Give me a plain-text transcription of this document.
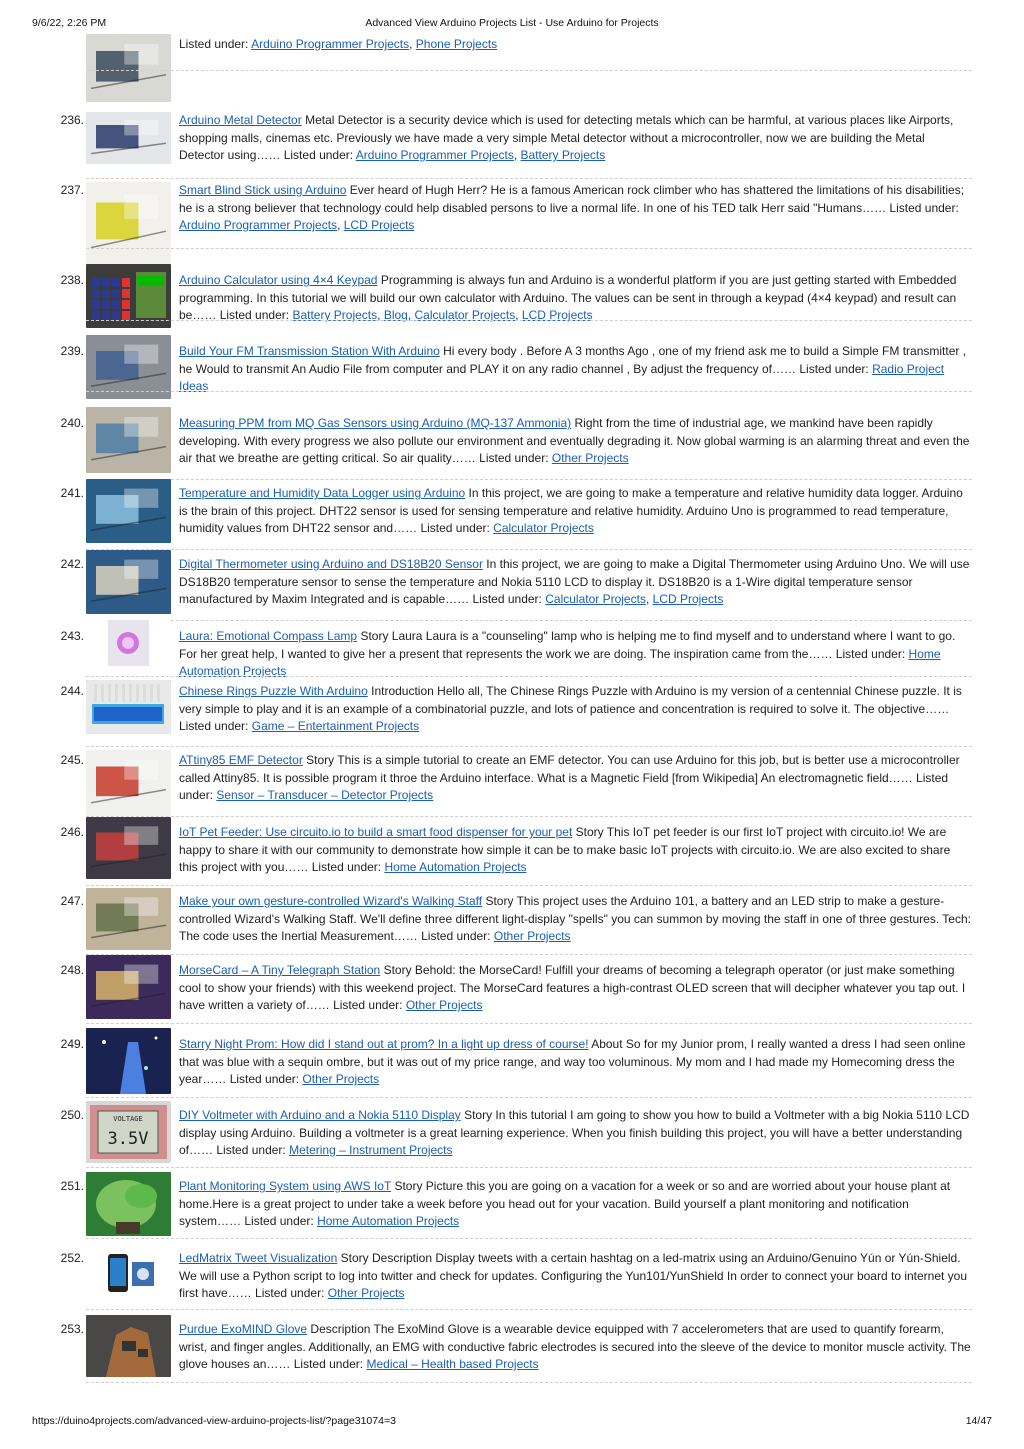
9/6/22, 2:26 PM	Advanced View Arduino Projects List - Use Arduino for Projects
Listed under: Arduino Programmer Projects, Phone Projects
236.	Arduino Metal Detector Metal Detector is a security device which is used for detecting metals which can be harmful, at various places like Airports, shopping malls, cinemas etc. Previously we have made a very simple Metal detector without a microcontroller, now we are building the Metal Detector using…… Listed under: Arduino Programmer Projects, Battery Projects
237.	Smart Blind Stick using Arduino Ever heard of Hugh Herr? He is a famous American rock climber who has shattered the limitations of his disabilities; he is a strong believer that technology could help disabled persons to live a normal life. In one of his TED talk Herr said "Humans…… Listed under: Arduino Programmer Projects, LCD Projects
238.	Arduino Calculator using 4×4 Keypad Programming is always fun and Arduino is a wonderful platform if you are just getting started with Embedded programming. In this tutorial we will build our own calculator with Arduino. The values can be sent in through a keypad (4×4 keypad) and result can be…… Listed under: Battery Projects, Blog, Calculator Projects, LCD Projects
239.	Build Your FM Transmission Station With Arduino Hi every body . Before A 3 months Ago , one of my friend ask me to build a Simple FM transmitter , he Would to transmit An Audio File from computer and PLAY it on any radio channel , By adjust the frequency of…… Listed under: Radio Project Ideas
240.	Measuring PPM from MQ Gas Sensors using Arduino (MQ-137 Ammonia) Right from the time of industrial age, we mankind have been rapidly developing. With every progress we also pollute our environment and eventually degrading it. Now global warming is an alarming threat and even the air that we breathe are getting critical. So air quality…… Listed under: Other Projects
241.	Temperature and Humidity Data Logger using Arduino In this project, we are going to make a temperature and relative humidity data logger. Arduino is the brain of this project. DHT22 sensor is used for sensing temperature and relative humidity. Arduino Uno is programmed to read temperature, humidity values from DHT22 sensor and…… Listed under: Calculator Projects
242.	Digital Thermometer using Arduino and DS18B20 Sensor In this project, we are going to make a Digital Thermometer using Arduino Uno. We will use DS18B20 temperature sensor to sense the temperature and Nokia 5110 LCD to display it. DS18B20 is a 1-Wire digital temperature sensor manufactured by Maxim Integrated and is capable…… Listed under: Calculator Projects, LCD Projects
243.	Laura: Emotional Compass Lamp Story Laura Laura is a "counseling" lamp who is helping me to find myself and to understand where I want to go. For her great help, I wanted to give her a present that represents the work we are doing. The inspiration came from the…… Listed under: Home Automation Projects
244.	Chinese Rings Puzzle With Arduino Introduction Hello all, The Chinese Rings Puzzle with Arduino is my version of a centennial Chinese puzzle. It is very simple to play and it is an example of a combinatorial puzzle, and lots of patience and concentration is required to solve it. The objective…… Listed under: Game – Entertainment Projects
245.	ATtiny85 EMF Detector Story This is a simple tutorial to create an EMF detector. You can use Arduino for this job, but is better use a microcontroller called Attiny85. It is possible program it throe the Arduino interface. What is a Magnetic Field [from Wikipedia] An electromagnetic field…… Listed under: Sensor – Transducer – Detector Projects
246.	IoT Pet Feeder: Use circuito.io to build a smart food dispenser for your pet Story This IoT pet feeder is our first IoT project with circuito.io! We are happy to share it with our community to demonstrate how simple it can be to make basic IoT projects with circuito.io. We are also excited to share this project with you…… Listed under: Home Automation Projects
247.	Make your own gesture-controlled Wizard's Walking Staff Story This project uses the Arduino 101, a battery and an LED strip to make a gesture-controlled Wizard's Walking Staff. We'll define three different light-display "spells" you can summon by moving the staff in one of three gestures. Tech: The code uses the Inertial Measurement…… Listed under: Other Projects
248.	MorseCard – A Tiny Telegraph Station Story Behold: the MorseCard! Fulfill your dreams of becoming a telegraph operator (or just make something cool to show your friends) with this weekend project. The MorseCard features a high-contrast OLED screen that will decipher whatever you tap out. I have written a variety of…… Listed under: Other Projects
249.	Starry Night Prom: How did I stand out at prom? In a light up dress of course! About So for my Junior prom, I really wanted a dress I had seen online that was blue with a sequin ombre, but it was out of my price range, and way too voluminous. My mom and I had made my Homecoming dress the year…… Listed under: Other Projects
250.	VOLTAGE
3.5V
DIY Voltmeter with Arduino and a Nokia 5110 Display Story In this tutorial I am going to show you how to build a Voltmeter with a big Nokia 5110 LCD display using Arduino. Building a voltmeter is a great learning experience. When you finish building this project, you will have a better understanding of…… Listed under: Metering – Instrument Projects
251.	Plant Monitoring System using AWS IoT Story Picture this you are going on a vacation for a week or so and are worried about your house plant at home.Here is a great project to under take a week before you head out for your vacation. Build yourself a plant monitoring and notification system…… Listed under: Home Automation Projects
252.	LedMatrix Tweet Visualization Story Description Display tweets with a certain hashtag on a led-matrix using an Arduino/Genuino Yún or Yún-Shield. We will use a Python script to log into twitter and check for updates. Configuring the Yun101/YunShield In order to connect your board to internet you first have…… Listed under: Other Projects
253.	Purdue ExoMIND Glove Description The ExoMind Glove is a wearable device equipped with 7 accelerometers that are used to quantify forearm, wrist, and finger angles. Additionally, an EMG with conductive fabric electrodes is secured into the sleeve of the device to monitor muscle activity. The glove houses an…… Listed under: Medical – Health based Projects
https://duino4projects.com/advanced-view-arduino-projects-list/?page31074=3	14/47
